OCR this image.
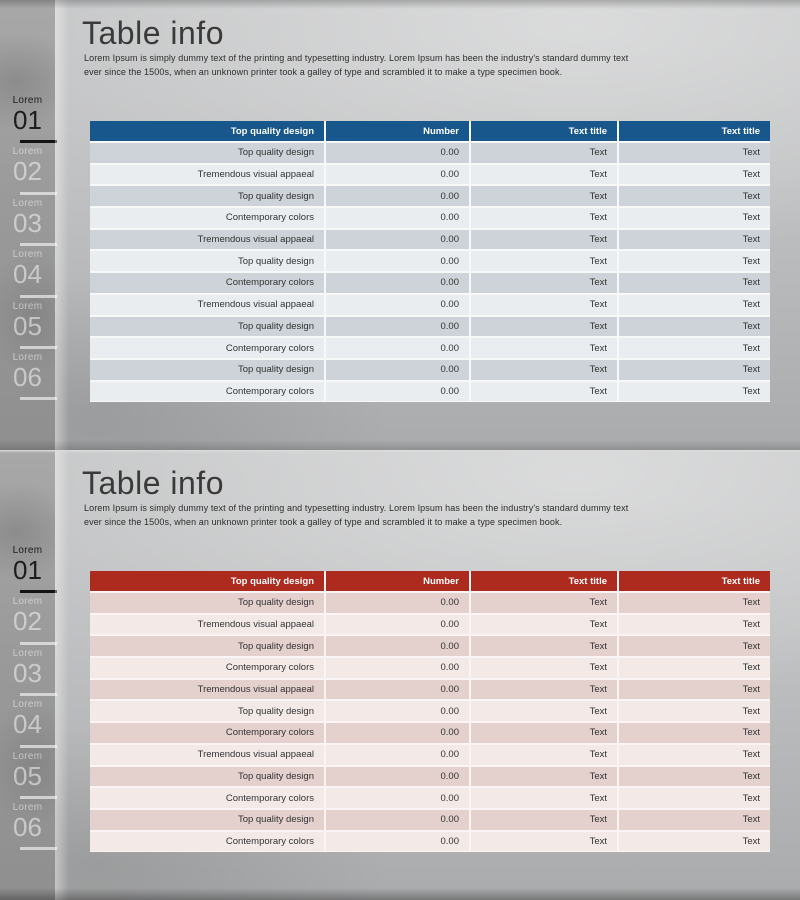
Lorem
01
Lorem
02
Lorem
03
Lorem
04
Lorem
05
Lorem
06
Table info

Lorem Ipsum is simply dummy text of the printing and typesetting industry. Lorem Ipsum has been the industry's standard dummy text ever since the 1500s, when an unknown printer took a galley of type and scrambled it to make a type specimen book.

Top quality design	Number	Text title	Text title
Top quality design	0.00	Text	Text
Tremendous visual appaeal	0.00	Text	Text
Top quality design	0.00	Text	Text
Contemporary colors	0.00	Text	Text
Tremendous visual appaeal	0.00	Text	Text
Top quality design	0.00	Text	Text
Contemporary colors	0.00	Text	Text
Tremendous visual appaeal	0.00	Text	Text
Top quality design	0.00	Text	Text
Contemporary colors	0.00	Text	Text
Top quality design	0.00	Text	Text
Contemporary colors	0.00	Text	Text
Lorem
01
Lorem
02
Lorem
03
Lorem
04
Lorem
05
Lorem
06
Table info

Lorem Ipsum is simply dummy text of the printing and typesetting industry. Lorem Ipsum has been the industry's standard dummy text ever since the 1500s, when an unknown printer took a galley of type and scrambled it to make a type specimen book.

Top quality design	Number	Text title	Text title
Top quality design	0.00	Text	Text
Tremendous visual appaeal	0.00	Text	Text
Top quality design	0.00	Text	Text
Contemporary colors	0.00	Text	Text
Tremendous visual appaeal	0.00	Text	Text
Top quality design	0.00	Text	Text
Contemporary colors	0.00	Text	Text
Tremendous visual appaeal	0.00	Text	Text
Top quality design	0.00	Text	Text
Contemporary colors	0.00	Text	Text
Top quality design	0.00	Text	Text
Contemporary colors	0.00	Text	Text
